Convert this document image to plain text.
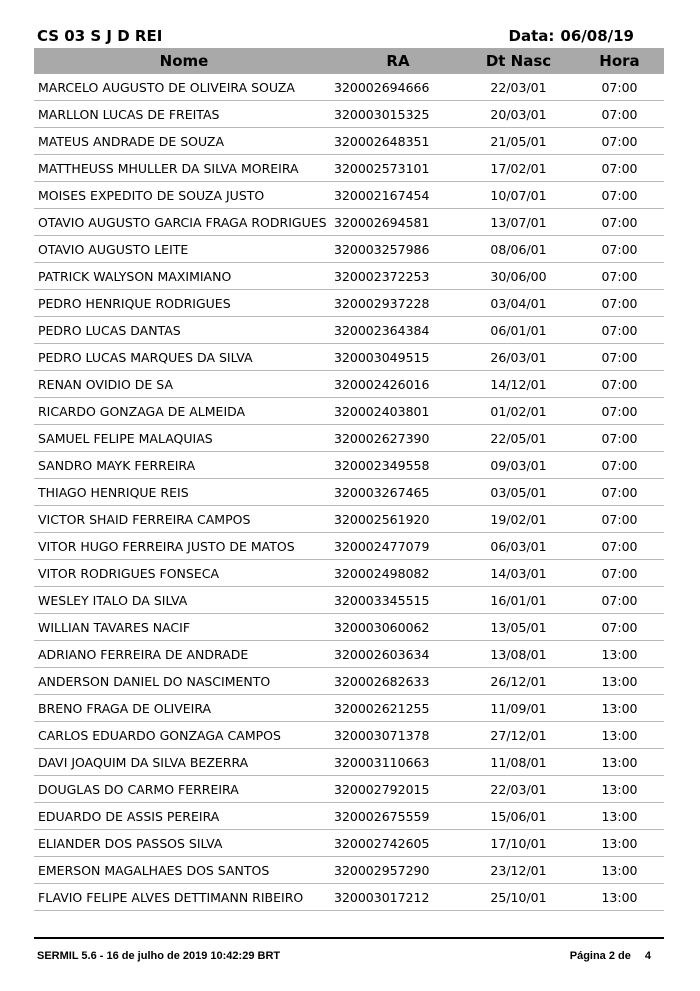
CS 03 S J D REI	Data: 06/08/19
Nome	RA	Dt Nasc	Hora
MARCELO AUGUSTO DE OLIVEIRA SOUZA	320002694666	22/03/01	07:00
MARLLON LUCAS DE FREITAS	320003015325	20/03/01	07:00
MATEUS ANDRADE DE SOUZA	320002648351	21/05/01	07:00
MATTHEUSS MHULLER DA SILVA MOREIRA	320002573101	17/02/01	07:00
MOISES EXPEDITO DE SOUZA JUSTO	320002167454	10/07/01	07:00
OTAVIO AUGUSTO GARCIA FRAGA RODRIGUES	320002694581	13/07/01	07:00
OTAVIO AUGUSTO LEITE	320003257986	08/06/01	07:00
PATRICK WALYSON MAXIMIANO	320002372253	30/06/00	07:00
PEDRO HENRIQUE RODRIGUES	320002937228	03/04/01	07:00
PEDRO LUCAS DANTAS	320002364384	06/01/01	07:00
PEDRO LUCAS MARQUES DA SILVA	320003049515	26/03/01	07:00
RENAN OVIDIO DE SA	320002426016	14/12/01	07:00
RICARDO GONZAGA DE ALMEIDA	320002403801	01/02/01	07:00
SAMUEL FELIPE MALAQUIAS	320002627390	22/05/01	07:00
SANDRO MAYK FERREIRA	320002349558	09/03/01	07:00
THIAGO HENRIQUE REIS	320003267465	03/05/01	07:00
VICTOR SHAID FERREIRA CAMPOS	320002561920	19/02/01	07:00
VITOR HUGO FERREIRA JUSTO DE MATOS	320002477079	06/03/01	07:00
VITOR RODRIGUES FONSECA	320002498082	14/03/01	07:00
WESLEY ITALO DA SILVA	320003345515	16/01/01	07:00
WILLIAN TAVARES NACIF	320003060062	13/05/01	07:00
ADRIANO FERREIRA DE ANDRADE	320002603634	13/08/01	13:00
ANDERSON DANIEL DO NASCIMENTO	320002682633	26/12/01	13:00
BRENO FRAGA DE OLIVEIRA	320002621255	11/09/01	13:00
CARLOS EDUARDO GONZAGA CAMPOS	320003071378	27/12/01	13:00
DAVI JOAQUIM DA SILVA BEZERRA	320003110663	11/08/01	13:00
DOUGLAS DO CARMO FERREIRA	320002792015	22/03/01	13:00
EDUARDO DE ASSIS PEREIRA	320002675559	15/06/01	13:00
ELIANDER DOS PASSOS SILVA	320002742605	17/10/01	13:00
EMERSON MAGALHAES DOS SANTOS	320002957290	23/12/01	13:00
FLAVIO FELIPE ALVES DETTIMANN RIBEIRO	320003017212	25/10/01	13:00
SERMIL 5.6 - 16 de julho de 2019 10:42:29 BRT	Página 2 de 4
